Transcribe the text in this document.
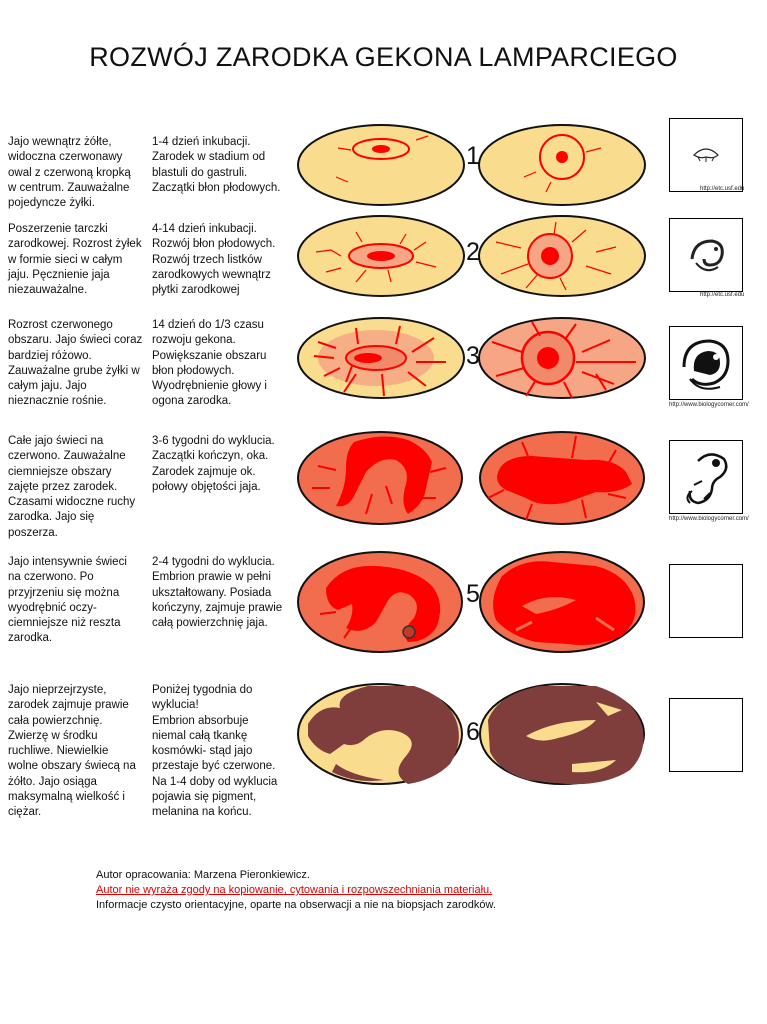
ROZWÓJ ZARODKA GEKONA LAMPARCIEGO
Jajo wewnątrz żółte,
widoczna czerwonawy
owal z czerwoną kropką
w centrum. Zauważalne
pojedyncze żyłki.
1-4 dzień inkubacji.
Zarodek w stadium od
blastuli do gastruli.
Zaczątki błon płodowych.
1
http://etc.usf.edu
Poszerzenie tarczki
zarodkowej. Rozrost żyłek
w formie sieci w całym
jaju. Pęcznienie jaja
niezauważalne.
4-14 dzień inkubacji.
Rozwój błon płodowych.
Rozwój trzech listków
zarodkowych wewnątrz
płytki zarodkowej
2
http://etc.usf.edu
Rozrost czerwonego
obszaru. Jajo świeci coraz
bardziej różowo.
Zauważalne grube żyłki w
całym jaju. Jajo
nieznacznie rośnie.
14 dzień do 1/3 czasu
rozwoju gekona.
Powiększanie obszaru
błon płodowych.
Wyodrębnienie głowy i
ogona zarodka.
3
http://www.biologycorner.com/
Całe jajo świeci na
czerwono. Zauważalne
ciemniejsze obszary
zajęte przez zarodek.
Czasami widoczne ruchy
zarodka. Jajo się
poszerza.
3-6 tygodni do wyklucia.
Zaczątki kończyn, oka.
Zarodek zajmuje ok.
połowy objętości jaja.
http://www.biologycorner.com/
Jajo intensywnie świeci
na czerwono. Po
przyjrzeniu się można
wyodrębnić oczy-
ciemniejsze niż reszta
zarodka.
2-4 tygodni do wyklucia.
Embrion prawie w pełni
ukształtowany. Posiada
kończyny, zajmuje prawie
całą powierzchnię jaja.
5
Jajo nieprzejrzyste,
zarodek zajmuje prawie
cała powierzchnię.
Zwierzę w środku
ruchliwe. Niewielkie
wolne obszary świecą na
żółto. Jajo osiąga
maksymalną wielkość i
ciężar.
Poniżej tygodnia do
wyklucia!
Embrion absorbuje
niemal całą tkankę
kosmówki- stąd jajo
przestaje być czerwone.
Na 1-4 doby od wyklucia
pojawia się pigment,
melanina na końcu.
6
Autor opracowania: Marzena Pieronkiewicz.
Autor nie wyraża zgody na kopiowanie, cytowania i rozpowszechniania materiału.
Informacje czysto orientacyjne, oparte na obserwacji a nie na biopsjach zarodków.
